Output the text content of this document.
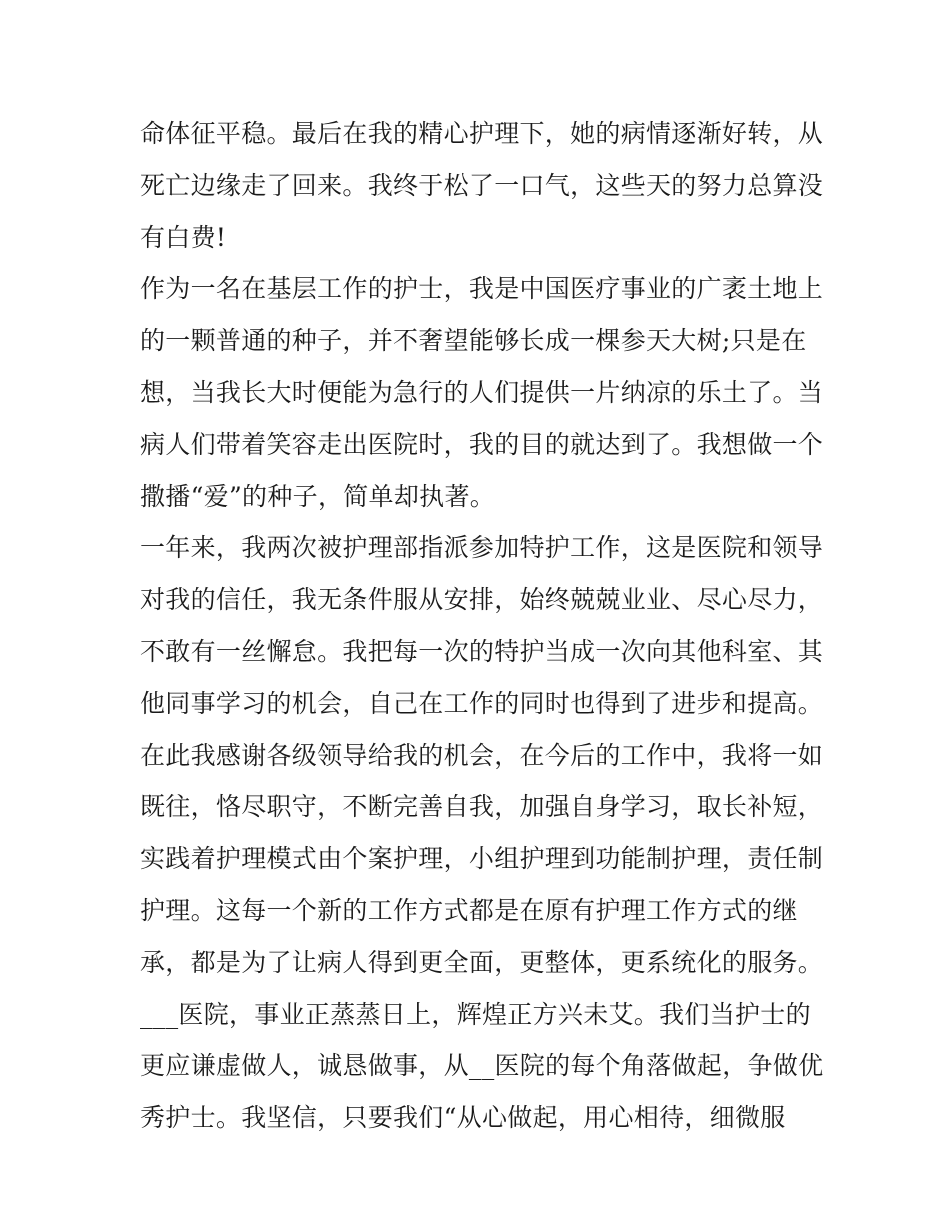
命体征平稳。最后在我的精心护理下，她的病情逐渐好转，从
死亡边缘走了回来。我终于松了一口气，这些天的努力总算没
有白费!
作为一名在基层工作的护士，我是中国医疗事业的广袤土地上
的一颗普通的种子，并不奢望能够长成一棵参天大树;只是在
想，当我长大时便能为急行的人们提供一片纳凉的乐土了。当
病人们带着笑容走出医院时，我的目的就达到了。我想做一个
撒播“爱”的种子，简单却执著。
一年来，我两次被护理部指派参加特护工作，这是医院和领导
对我的信任，我无条件服从安排，始终兢兢业业、尽心尽力，
不敢有一丝懈怠。我把每一次的特护当成一次向其他科室、其
他同事学习的机会，自己在工作的同时也得到了进步和提高。
在此我感谢各级领导给我的机会，在今后的工作中，我将一如
既往，恪尽职守，不断完善自我，加强自身学习，取长补短，
实践着护理模式由个案护理，小组护理到功能制护理，责任制
护理。这每一个新的工作方式都是在原有护理工作方式的继
承，都是为了让病人得到更全面，更整体，更系统化的服务。
___医院，事业正蒸蒸日上，辉煌正方兴未艾。我们当护士的
更应谦虚做人，诚恳做事，从__医院的每个角落做起，争做优
秀护士。我坚信，只要我们“从心做起，用心相待，细微服
